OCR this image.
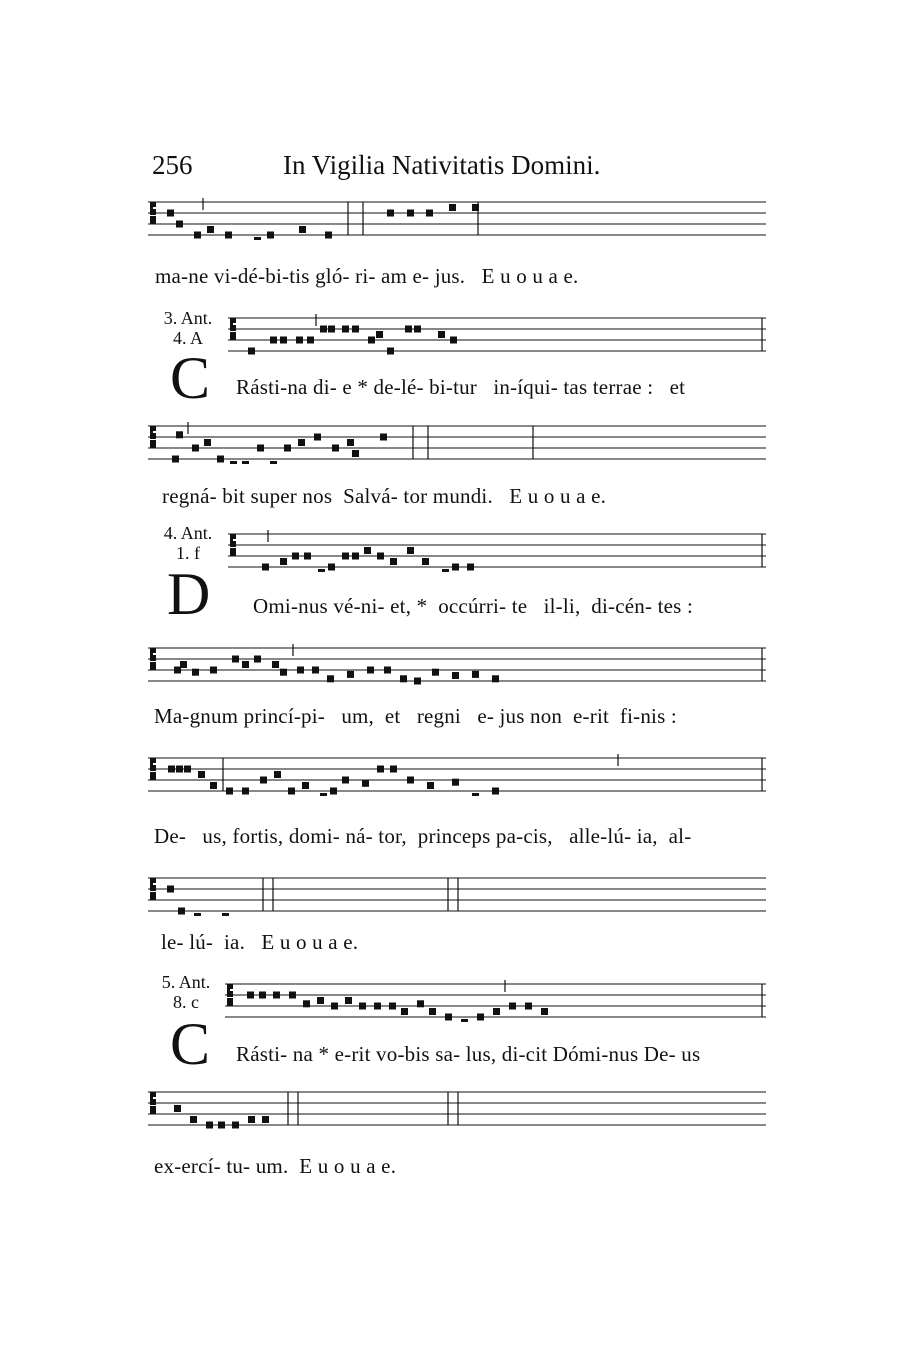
256	In Vigilia Nativitatis Domini.
ma-ne vi-dé-bi-tis gló- ri- am e- jus.   E u o u a e.
3. Ant.
4. A
C Rásti-na di- e * de-lé- bi-tur   in-íqui- tas terrae :   et
regná- bit super nos  Salvá- tor mundi.   E u o u a e.
4. Ant.
1. f
D Omi-nus vé-ni- et, *  occúrri- te   il-li,  di-cén- tes :
Ma-gnum princí-pi-   um,  et   regni   e- jus non  e-rit  fi-nis :
De-   us, fortis, domi- ná- tor,  princeps pa-cis,   alle-lú- ia,  al-
le- lú-  ia.   E u o u a e.
5. Ant.
8. c
C Rásti- na * e-rit vo-bis sa- lus, di-cit Dómi-nus De- us
ex-ercí- tu- um.  E u o u a e.
